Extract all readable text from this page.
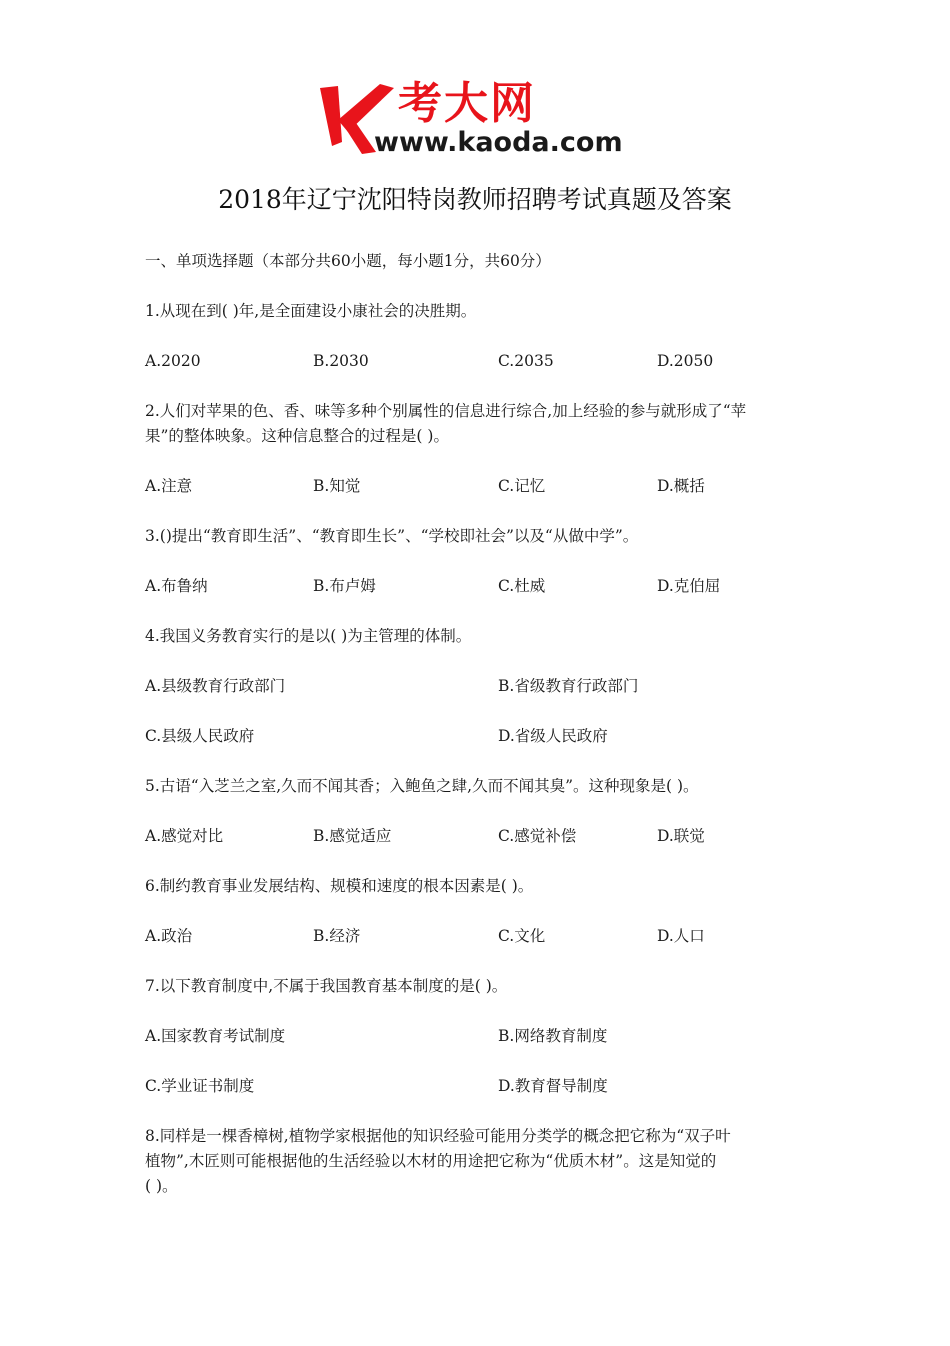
考大网
www.kaoda.com
2018年辽宁沈阳特岗教师招聘考试真题及答案
一、单项选择题（本部分共60小题，每小题1分，共60分）
1.从现在到( )年,是全面建设小康社会的决胜期。
A.2020	B.2030	C.2035	D.2050
2.人们对苹果的色、香、味等多种个别属性的信息进行综合,加上经验的参与就形成了“苹
果”的整体映象。这种信息整合的过程是( )。
A.注意	B.知觉	C.记忆	D.概括
3.()提出“教育即生活”、“教育即生长”、“学校即社会”以及“从做中学”。
A.布鲁纳	B.布卢姆	C.杜威	D.克伯屈
4.我国义务教育实行的是以( )为主管理的体制。
A.县级教育行政部门	B.省级教育行政部门
C.县级人民政府	D.省级人民政府
5.古语“入芝兰之室,久而不闻其香；入鲍鱼之肆,久而不闻其臭”。这种现象是( )。
A.感觉对比	B.感觉适应	C.感觉补偿	D.联觉
6.制约教育事业发展结构、规模和速度的根本因素是( )。
A.政治	B.经济	C.文化	D.人口
7.以下教育制度中,不属于我国教育基本制度的是( )。
A.国家教育考试制度	B.网络教育制度
C.学业证书制度	D.教育督导制度
8.同样是一棵香樟树,植物学家根据他的知识经验可能用分类学的概念把它称为“双子叶
植物”,木匠则可能根据他的生活经验以木材的用途把它称为“优质木材”。这是知觉的
( )。
